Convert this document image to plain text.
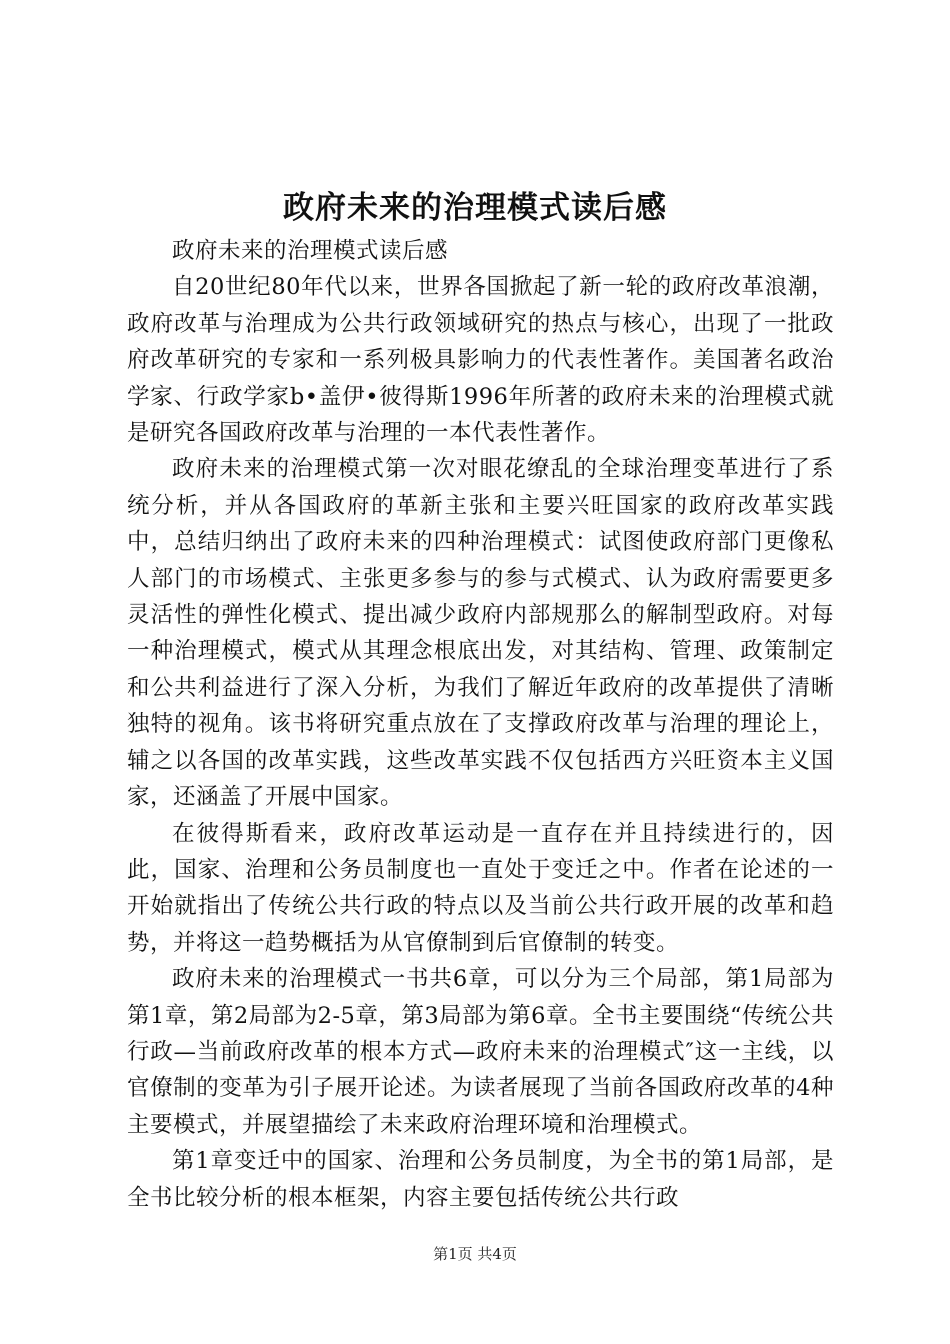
政府未来的治理模式读后感

政府未来的治理模式读后感

自20世纪80年代以来，世界各国掀起了新一轮的政府改革浪潮，政府改革与治理成为公共行政领域研究的热点与核心，出现了一批政府改革研究的专家和一系列极具影响力的代表性著作。美国著名政治学家、行政学家b•盖伊•彼得斯1996年所著的政府未来的治理模式就是研究各国政府改革与治理的一本代表性著作。

政府未来的治理模式第一次对眼花缭乱的全球治理变革进行了系统分析，并从各国政府的革新主张和主要兴旺国家的政府改革实践中，总结归纳出了政府未来的四种治理模式：试图使政府部门更像私人部门的市场模式、主张更多参与的参与式模式、认为政府需要更多灵活性的弹性化模式、提出减少政府内部规那么的解制型政府。对每一种治理模式，模式从其理念根底出发，对其结构、管理、政策制定和公共利益进行了深入分析，为我们了解近年政府的改革提供了清晰独特的视角。该书将研究重点放在了支撑政府改革与治理的理论上，辅之以各国的改革实践，这些改革实践不仅包括西方兴旺资本主义国家，还涵盖了开展中国家。

在彼得斯看来，政府改革运动是一直存在并且持续进行的，因此，国家、治理和公务员制度也一直处于变迁之中。作者在论述的一开始就指出了传统公共行政的特点以及当前公共行政开展的改革和趋势，并将这一趋势概括为从官僚制到后官僚制的转变。

政府未来的治理模式一书共6章，可以分为三个局部，第1局部为第1章，第2局部为2-5章，第3局部为第6章。全书主要围绕“传统公共行政—当前政府改革的根本方式—政府未来的治理模式″这一主线，以官僚制的变革为引子展开论述。为读者展现了当前各国政府改革的4种主要模式，并展望描绘了未来政府治理环境和治理模式。

第1章变迁中的国家、治理和公务员制度，为全书的第1局部，是全书比较分析的根本框架，内容主要包括传统公共行政

第1页 共4页
